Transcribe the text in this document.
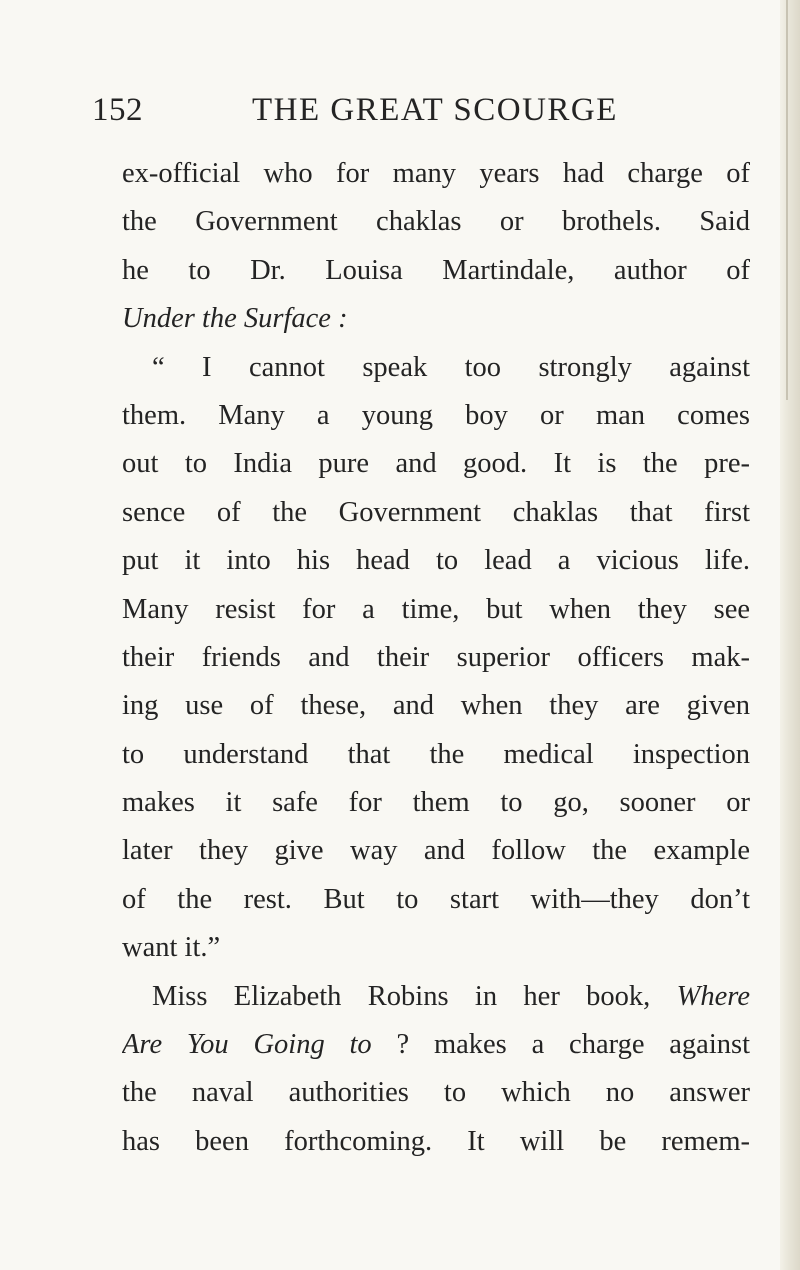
152	THE GREAT SCOURGE
ex-official who for many years had charge of
the Government chaklas or brothels. Said
he to Dr. Louisa Martindale, author of
Under the Surface :
“ I cannot speak too strongly against
them. Many a young boy or man comes
out to India pure and good. It is the pre-
sence of the Government chaklas that first
put it into his head to lead a vicious life.
Many resist for a time, but when they see
their friends and their superior officers mak-
ing use of these, and when they are given
to understand that the medical inspection
makes it safe for them to go, sooner or
later they give way and follow the example
of the rest. But to start with—they don’t
want it.”
Miss Elizabeth Robins in her book, Where
Are You Going to ? makes a charge against
the naval authorities to which no answer
has been forthcoming. It will be remem-
